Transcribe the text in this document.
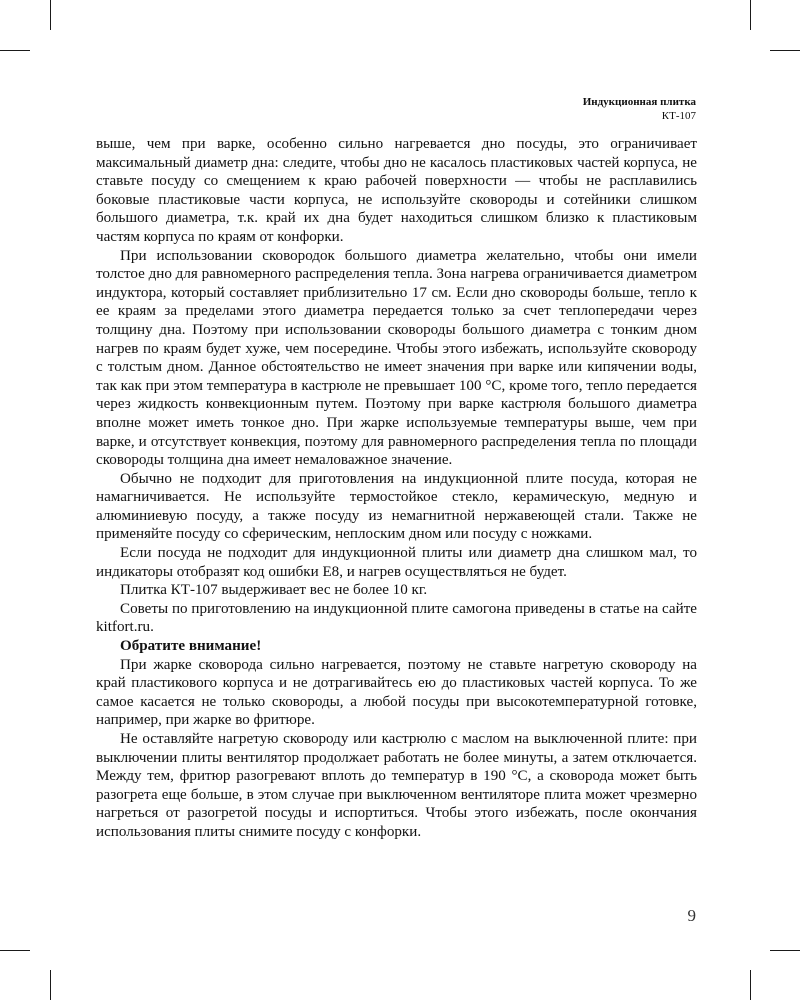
Индукционная плитка
КТ-107

выше, чем при варке, особенно сильно нагревается дно посуды, это ограничивает максимальный диаметр дна: следите, чтобы дно не касалось пластиковых частей корпуса, не ставьте посуду со смещением к краю рабочей поверхности — чтобы не расплавились боковые пластиковые части корпуса, не используйте сковороды и сотейники слишком большого диаметра, т.к. край их дна будет находиться слишком близко к пластиковым частям корпуса по краям от конфорки.

При использовании сковородок большого диаметра желательно, чтобы они имели толстое дно для равномерного распределения тепла. Зона нагрева ограничивается диаметром индуктора, который составляет приблизительно 17 см. Если дно сковороды больше, тепло к ее краям за пределами этого диаметра передается только за счет теплопередачи через толщину дна. Поэтому при использовании сковороды большого диаметра с тонким дном нагрев по краям будет хуже, чем посередине. Чтобы этого избежать, используйте сковороду с толстым дном. Данное обстоятельство не имеет значения при варке или кипячении воды, так как при этом температура в кастрюле не превышает 100 °С, кроме того, тепло передается через жидкость конвекционным путем. Поэтому при варке кастрюля большого диаметра вполне может иметь тонкое дно. При жарке используемые температуры выше, чем при варке, и отсутствует конвекция, поэтому для равномерного распределения тепла по площади сковороды толщина дна имеет немаловажное значение.

Обычно не подходит для приготовления на индукционной плите посуда, которая не намагничивается. Не используйте термостойкое стекло, керамическую, медную и алюминиевую посуду, а также посуду из немагнитной нержавеющей стали. Также не применяйте посуду со сферическим, неплоским дном или посуду с ножками.

Если посуда не подходит для индукционной плиты или диаметр дна слишком мал, то индикаторы отобразят код ошибки Е8, и нагрев осуществляться не будет.

Плитка КТ-107 выдерживает вес не более 10 кг.

Советы по приготовлению на индукционной плите самогона приведены в статье на сайте kitfort.ru.

Обратите внимание!

При жарке сковорода сильно нагревается, поэтому не ставьте нагретую сковороду на край пластикового корпуса и не дотрагивайтесь ею до пластиковых частей корпуса. То же самое касается не только сковороды, а любой посуды при высокотемпературной готовке, например, при жарке во фритюре.

Не оставляйте нагретую сковороду или кастрюлю с маслом на выключенной плите: при выключении плиты вентилятор продолжает работать не более минуты, а затем отключается. Между тем, фритюр разогревают вплоть до температур в 190 °С, а сковорода может быть разогрета еще больше, в этом случае при выключенном вентиляторе плита может чрезмерно нагреться от разогретой посуды и испортиться. Чтобы этого избежать, после окончания использования плиты снимите посуду с конфорки.

9
